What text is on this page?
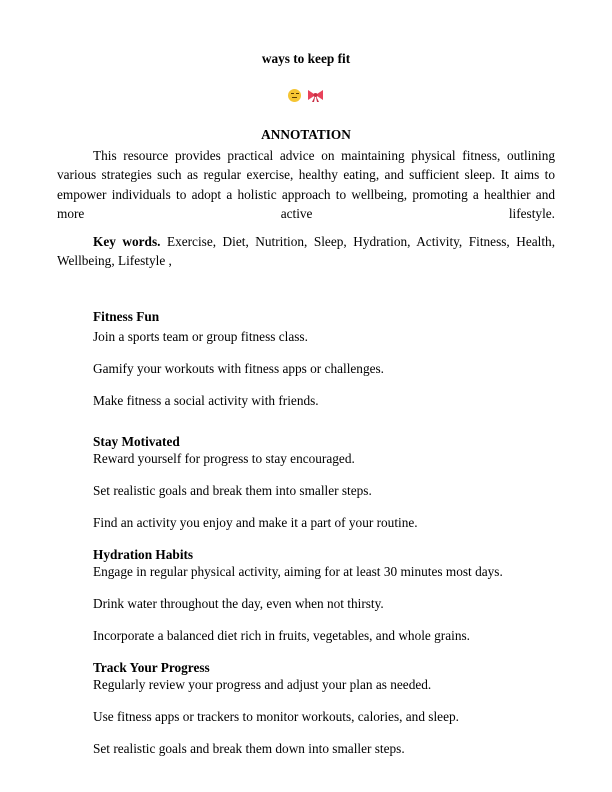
ways to keep fit

ANNOTATION
This resource provides practical advice on maintaining physical fitness, outlining
various strategies such as regular exercise, healthy eating, and sufficient sleep. It aims to
empower individuals to adopt a holistic approach to wellbeing, promoting a healthier and
more	active	lifestyle.
Key words. Exercise, Diet, Nutrition, Sleep, Hydration, Activity, Fitness, Health,
Wellbeing, Lifestyle ,
Fitness Fun
Join a sports team or group fitness class.
Gamify your workouts with fitness apps or challenges.
Make fitness a social activity with friends.
Stay Motivated
Reward yourself for progress to stay encouraged.
Set realistic goals and break them into smaller steps.
Find an activity you enjoy and make it a part of your routine.
Hydration Habits
Engage in regular physical activity, aiming for at least 30 minutes most days.
Drink water throughout the day, even when not thirsty.
Incorporate a balanced diet rich in fruits, vegetables, and whole grains.
Track Your Progress
Regularly review your progress and adjust your plan as needed.
Use fitness apps or trackers to monitor workouts, calories, and sleep.
Set realistic goals and break them down into smaller steps.
